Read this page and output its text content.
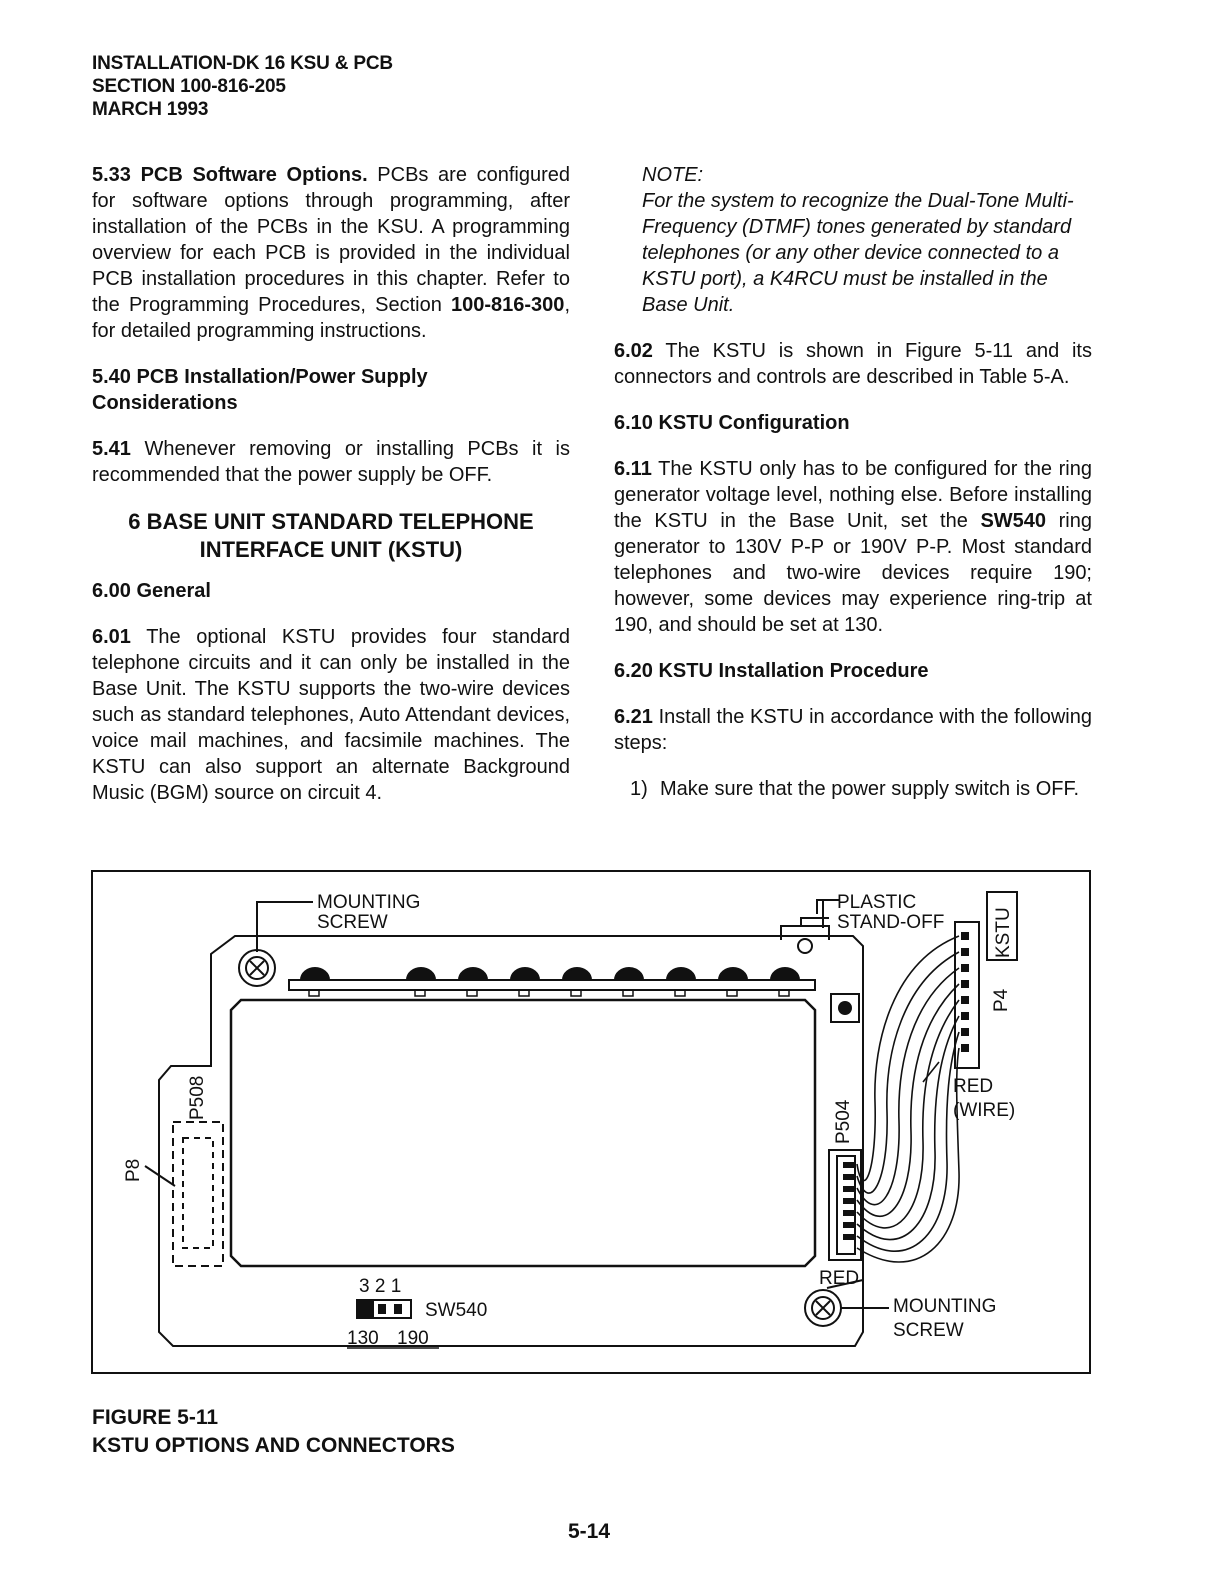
INSTALLATION-DK 16 KSU & PCB
SECTION 100-816-205
MARCH 1993

5.33 PCB Software Options. PCBs are configured for software options through programming, after installation of the PCBs in the KSU. A programming overview for each PCB is provided in the individual PCB installation procedures in this chapter. Refer to the Programming Procedures, Section 100-816-300, for detailed programming instructions.

5.40 PCB Installation/Power Supply Considerations

5.41 Whenever removing or installing PCBs it is recommended that the power supply be OFF.

6 BASE UNIT STANDARD TELEPHONE
INTERFACE UNIT (KSTU)
6.00 General

6.01 The optional KSTU provides four standard telephone circuits and it can only be installed in the Base Unit. The KSTU supports the two-wire devices such as standard telephones, Auto Attendant devices, voice mail machines, and facsimile machines. The KSTU can also support an alternate Background Music (BGM) source on circuit 4.

NOTE:
For the system to recognize the Dual-Tone Multi-Frequency (DTMF) tones generated by standard telephones (or any other device connected to a KSTU port), a K4RCU must be installed in the Base Unit.

6.02 The KSTU is shown in Figure 5-11 and its connectors and controls are described in Table 5-A.

6.10 KSTU Configuration

6.11 The KSTU only has to be configured for the ring generator voltage level, nothing else. Before installing the KSTU in the Base Unit, set the SW540 ring generator to 130V P-P or 190V P-P. Most standard telephones and two-wire devices require 190; however, some devices may experience ring-trip at 190, and should be set at 130.

6.20 KSTU Installation Procedure

6.21 Install the KSTU in accordance with the following steps:

1) Make sure that the power supply switch is OFF.
MOUNTING
SCREW
PLASTIC
STAND-OFF	KSTU
P4
RED
(WIRE)
P504
P508
P8
3 2 1
SW540
130 190
RED
MOUNTING
SCREW
FIGURE 5-11
KSTU OPTIONS AND CONNECTORS
5-14
